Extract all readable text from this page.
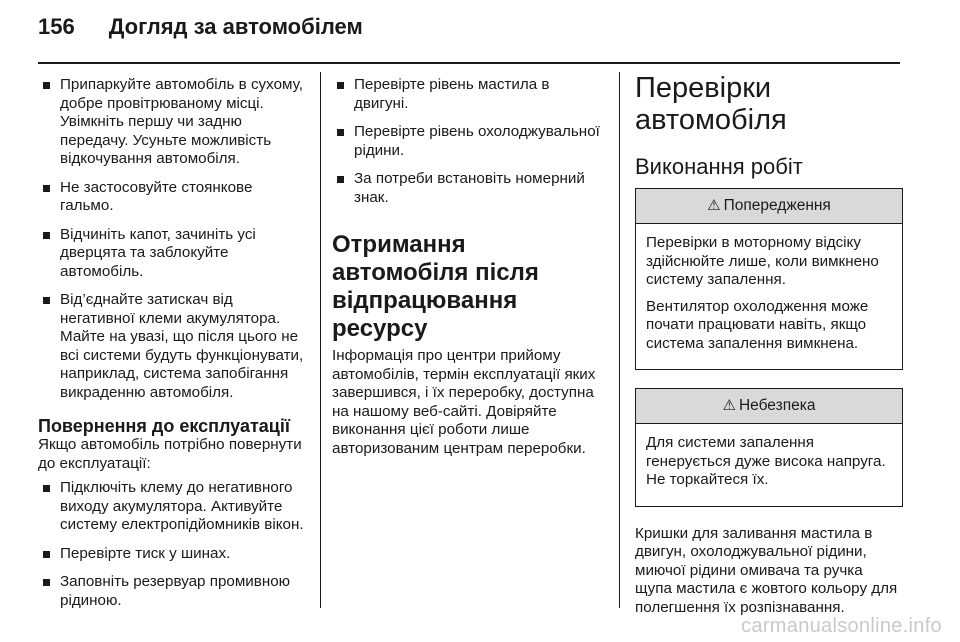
156 Догляд за автомобілем
Припаркуйте автомобіль в сухому, добре провітрюваному місці. Увімкніть першу чи задню передачу. Усуньте можливість відкочування автомобіля.
Не застосовуйте стоянкове гальмо.
Відчиніть капот, зачиніть усі дверцята та заблокуйте автомобіль.
Від’єднайте затискач від негативної клеми акумулятора. Майте на увазі, що після цього не всі системи будуть функціонувати, наприклад, система запобігання викраденню автомобіля.
Повернення до експлуатації

Якщо автомобіль потрібно повернути до експлуатації:

Підключіть клему до негативного виходу акумулятора. Активуйте систему електропідйомників вікон.
Перевірте тиск у шинах.
Заповніть резервуар промивною рідиною.
Перевірте рівень мастила в двигуні.
Перевірте рівень охолоджувальної рідини.
За потреби встановіть номерний знак.
Отримання автомобіля після відпрацювання ресурсу

Інформація про центри прийому автомобілів, термін експлуатації яких завершився, і їх переробку, доступна на нашому веб-сайті. Довіряйте виконання цієї роботи лише авторизованим центрам переробки.

Перевірки автомобіля
Виконання робіт
⚠ Попередження

Перевірки в моторному відсіку здійснюйте лише, коли вимкнено систему запалення.

Вентилятор охолодження може почати працювати навіть, якщо система запалення вимкнена.

⚠ Небезпека

Для системи запалення генерується дуже висока напруга. Не торкайтеся їх.

Кришки для заливання мастила в двигун, охолоджувальної рідини, миючої рідини омивача та ручка щупа мастила є жовтого кольору для полегшення їх розпізнавання.

carmanualsonline.info
